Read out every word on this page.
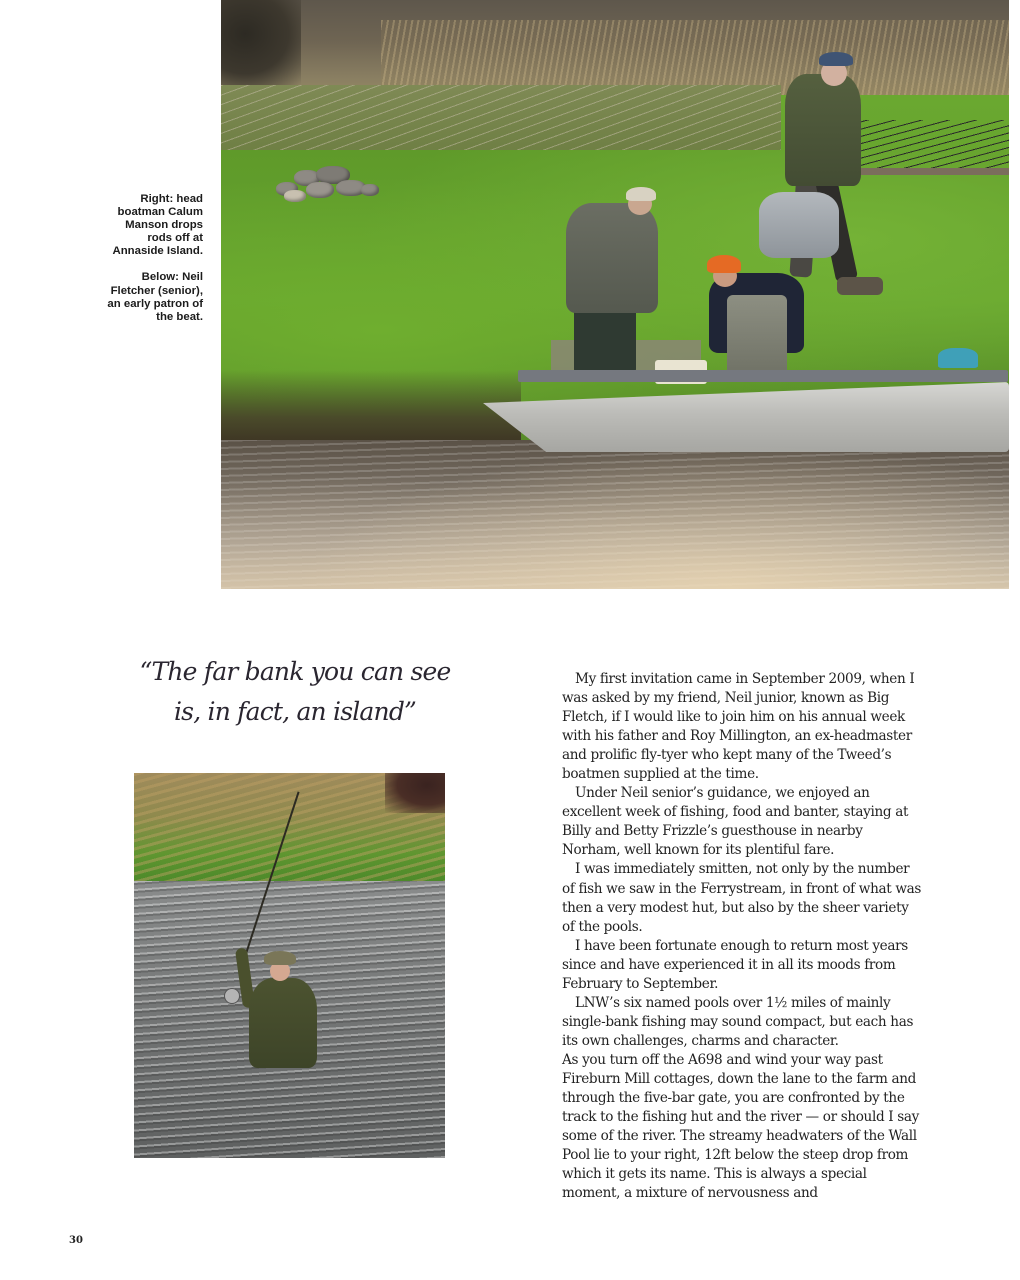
Right: head boatman Calum Manson drops rods off at Annaside Island.

Below: Neil Fletcher (senior), an early patron of the beat.

“The far bank you can see is, in fact, an island”

My first invitation came in September 2009, when I was asked by my friend, Neil junior, known as Big Fletch, if I would like to join him on his annual week with his father and Roy Millington, an ex-headmaster and prolific fly-tyer who kept many of the Tweed’s boatmen supplied at the time.

Under Neil senior’s guidance, we enjoyed an excellent week of fishing, food and banter, staying at Billy and Betty Frizzle’s guesthouse in nearby Norham, well known for its plentiful fare.

I was immediately smitten, not only by the number of fish we saw in the Ferrystream, in front of what was then a very modest hut, but also by the sheer variety of the pools.

I have been fortunate enough to return most years since and have experienced it in all its moods from February to September.

LNW’s six named pools over 1½ miles of mainly single-bank fishing may sound compact, but each has its own challenges, charms and character.

As you turn off the A698 and wind your way past Fireburn Mill cottages, down the lane to the farm and through the five-bar gate, you are confronted by the track to the fishing hut and the river — or should I say some of the river. The streamy headwaters of the Wall Pool lie to your right, 12ft below the steep drop from which it gets its name. This is always a special moment, a mixture of nervousness and

30
